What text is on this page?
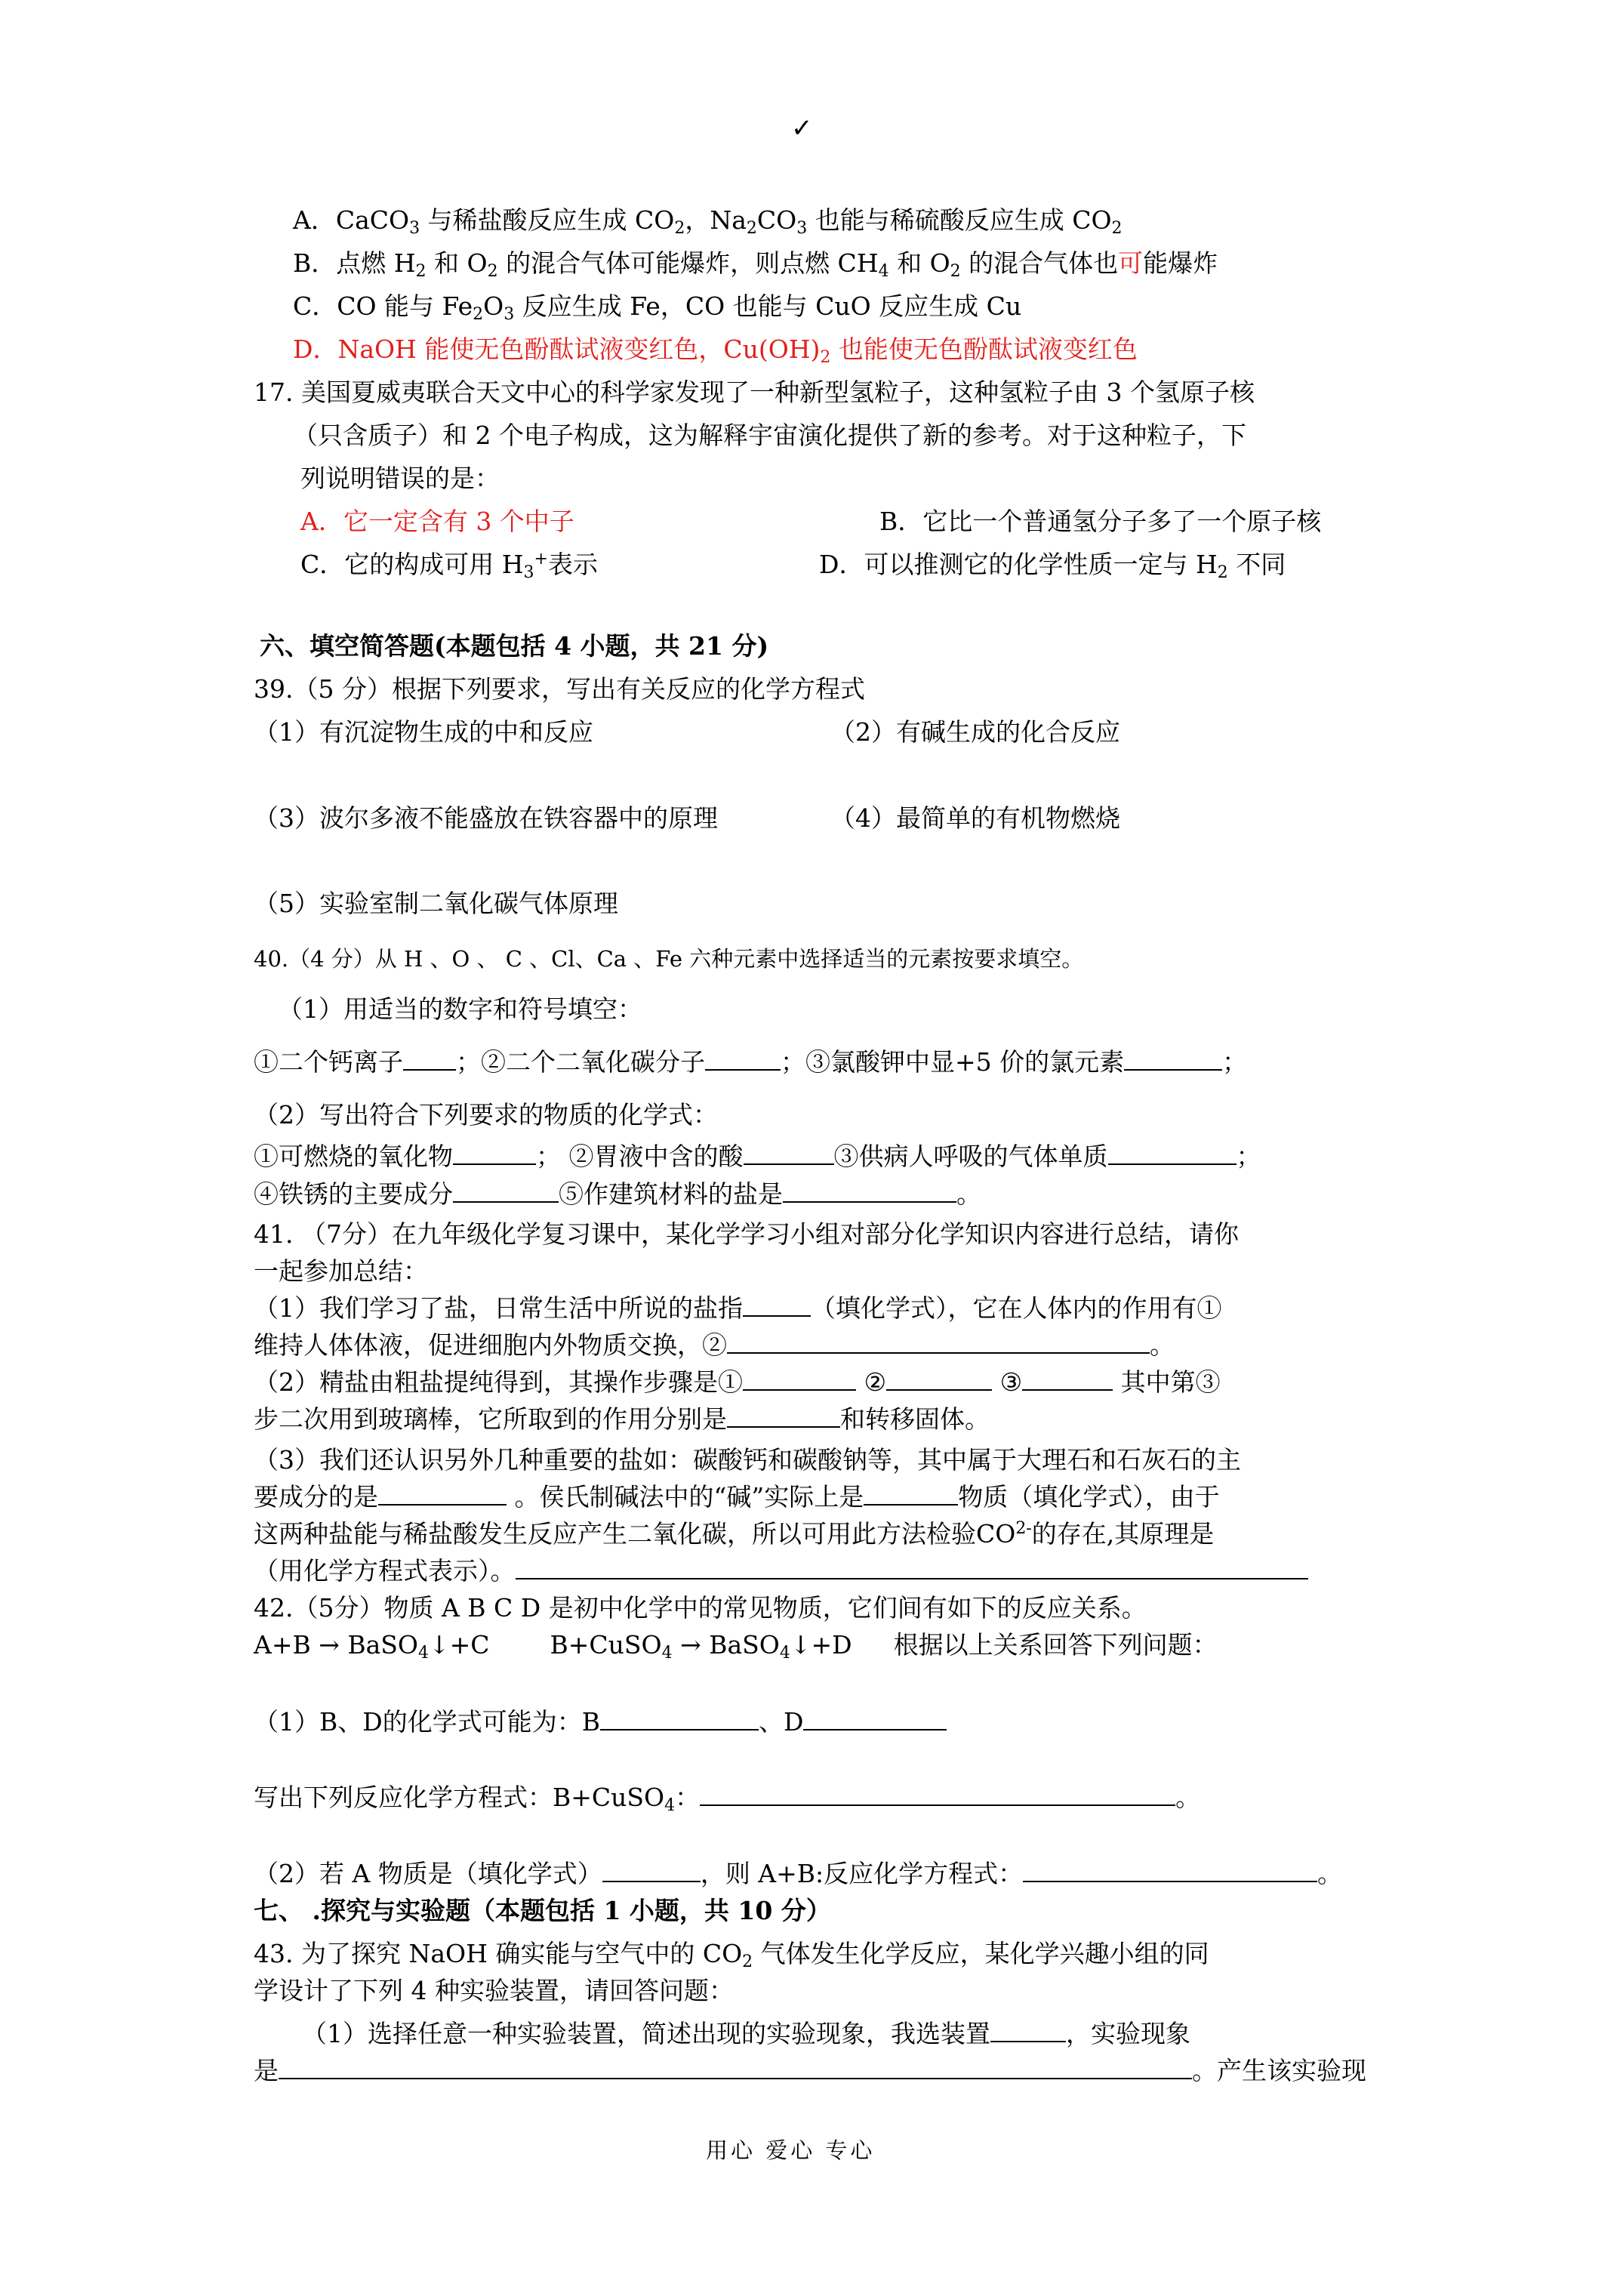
✓
A．CaCO$_3$ 与稀盐酸反应生成 $CO_2$，$Na_2CO_3$ 也能与稀硫酸反应生成 $CO_2$
B．点燃 $H_2$ 和 $O_2$ 的混合气体可能爆炸，则点燃 $CH_4$ 和 $O_2$ 的混合气体也可能爆炸
C．CO 能与 $Fe_2O_3$ 反应生成 Fe，CO 也能与 CuO 反应生成 Cu
D．NaOH 能使无色酚酞试液变红色，$Cu(OH)_2$ 也能使无色酚酞试液变红色
17. 美国夏威夷联合天文中心的科学家发现了一种新型氢粒子，这种氢粒子由 3 个氢原子核
（只含质子）和 2 个电子构成，这为解释宇宙演化提供了新的参考。对于这种粒子，下
列说明错误的是：
A．它一定含有 3 个中子	B．它比一个普通氢分子多了一个原子核
C．它的构成可用 $H_3^+$表示	D．可以推测它的化学性质一定与 $H_2$ 不同
六、填空简答题(本题包括 4 小题，共 21 分)
39.（5 分）根据下列要求，写出有关反应的化学方程式
（1）有沉淀物生成的中和反应	（2）有碱生成的化合反应
（3）波尔多液不能盛放在铁容器中的原理	（4）最简单的有机物燃烧
（5）实验室制二氧化碳气体原理
40.（4 分）从 H 、O 、 C 、Cl、Ca 、Fe 六种元素中选择适当的元素按要求填空。
（1）用适当的数字和符号填空：
①二个钙离子 ；②二个二氧化碳分子	；③氯酸钾中显+5 价的氯元素	；
（2）写出符合下列要求的物质的化学式：
①可燃烧的氧化物	； ②胃液中含的酸	③供病人呼吸的气体单质	；
④铁锈的主要成分	⑤作建筑材料的盐是	。
41. （7分）在九年级化学复习课中，某化学学习小组对部分化学知识内容进行总结，请你
一起参加总结：
（1）我们学习了盐，日常生活中所说的盐指	（填化学式），它在人体内的作用有①
维持人体体液，促进细胞内外物质交换，②	。
（2）精盐由粗盐提纯得到，其操作步骤是①	②	③	其中第③
步二次用到玻璃棒，它所取到的作用分别是	和转移固体。
（3）我们还认识另外几种重要的盐如：碳酸钙和碳酸钠等，其中属于大理石和石灰石的主
要成分的是	。侯氏制碱法中的“碱”实际上是	物质（填化学式），由于
这两种盐能与稀盐酸发生反应产生二氧化碳，所以可用此方法检验$CO^{2-}$的存在,其原理是
（用化学方程式表示）。
42.（5分）物质 A B C D 是初中化学中的常见物质，它们间有如下的反应关系。
A+B → BaSO$_4$↓+C B+CuSO$_4$ → BaSO$_4$↓+D 根据以上关系回答下列问题：
（1）B、D的化学式可能为：B	、D
写出下列反应化学方程式：B+CuSO$_4$：	。
（2）若 A 物质是（填化学式）	，则 A+B:反应化学方程式：	。
七、 .探究与实验题（本题包括 1 小题，共 10 分）
43. 为了探究 NaOH 确实能与空气中的 $CO_2$ 气体发生化学反应，某化学兴趣小组的同
学设计了下列 4 种实验装置，请回答问题：
（1）选择任意一种实验装置，简述出现的实验现象，我选装置	，实验现象
是	。产生该实验现
用心 爱心 专心
